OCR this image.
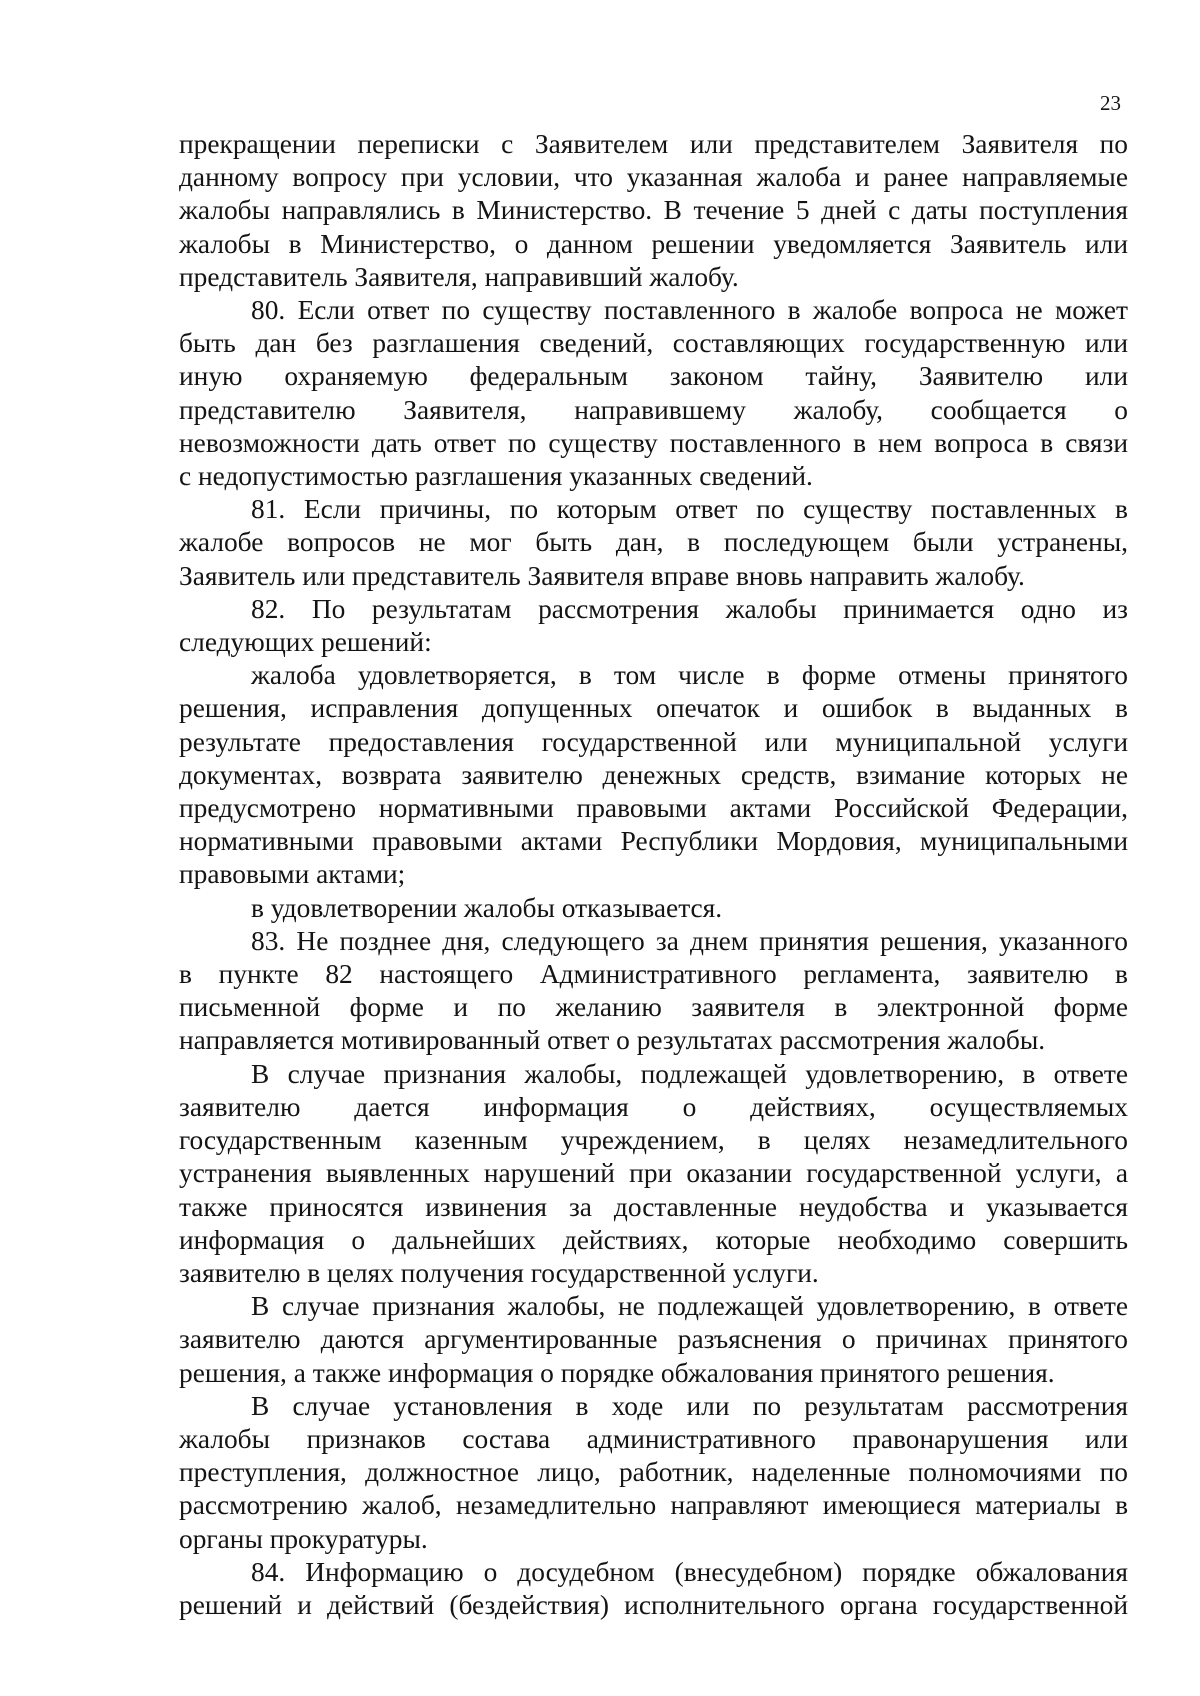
23

прекращении переписки с Заявителем или представителем Заявителя по

данному вопросу при условии, что указанная жалоба и ранее направляемые

жалобы направлялись в Министерство. В течение 5 дней с даты поступления

жалобы в Министерство, о данном решении уведомляется Заявитель или

представитель Заявителя, направивший жалобу.

80. Если ответ по существу поставленного в жалобе вопроса не может

быть дан без разглашения сведений, составляющих государственную или

иную охраняемую федеральным законом тайну, Заявителю или

представителю Заявителя, направившему жалобу, сообщается о

невозможности дать ответ по существу поставленного в нем вопроса в связи

с недопустимостью разглашения указанных сведений.

81. Если причины, по которым ответ по существу поставленных в

жалобе вопросов не мог быть дан, в последующем были устранены,

Заявитель или представитель Заявителя вправе вновь направить жалобу.

82. По результатам рассмотрения жалобы принимается одно из

следующих решений:

жалоба удовлетворяется, в том числе в форме отмены принятого

решения, исправления допущенных опечаток и ошибок в выданных в

результате предоставления государственной или муниципальной услуги

документах, возврата заявителю денежных средств, взимание которых не

предусмотрено нормативными правовыми актами Российской Федерации,

нормативными правовыми актами Республики Мордовия, муниципальными

правовыми актами;

в удовлетворении жалобы отказывается.

83. Не позднее дня, следующего за днем принятия решения, указанного

в пункте 82 настоящего Административного регламента, заявителю в

письменной форме и по желанию заявителя в электронной форме

направляется мотивированный ответ о результатах рассмотрения жалобы.

В случае признания жалобы, подлежащей удовлетворению, в ответе

заявителю дается информация о действиях, осуществляемых

государственным казенным учреждением, в целях незамедлительного

устранения выявленных нарушений при оказании государственной услуги, а

также приносятся извинения за доставленные неудобства и указывается

информация о дальнейших действиях, которые необходимо совершить

заявителю в целях получения государственной услуги.

В случае признания жалобы, не подлежащей удовлетворению, в ответе

заявителю даются аргументированные разъяснения о причинах принятого

решения, а также информация о порядке обжалования принятого решения.

В случае установления в ходе или по результатам рассмотрения

жалобы признаков состава административного правонарушения или

преступления, должностное лицо, работник, наделенные полномочиями по

рассмотрению жалоб, незамедлительно направляют имеющиеся материалы в

органы прокуратуры.

84. Информацию о досудебном (внесудебном) порядке обжалования

решений и действий (бездействия) исполнительного органа государственной
